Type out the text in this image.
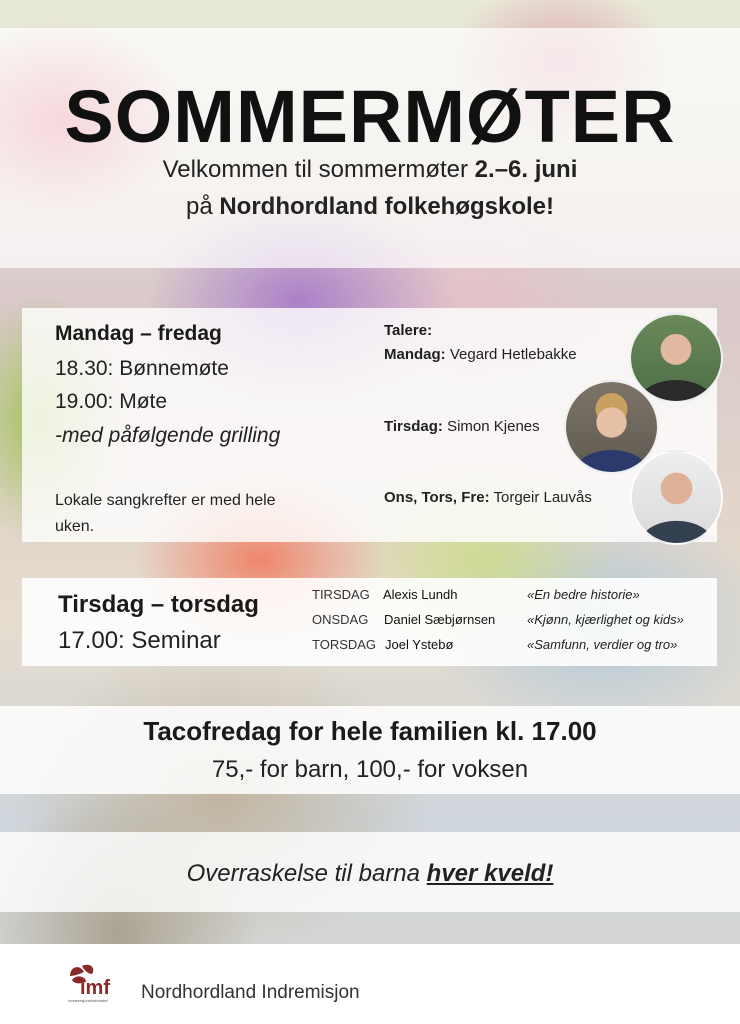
SOMMERMØTER
Velkommen til sommermøter 2.–6. juni
på Nordhordland folkehøgskole!
Mandag – fredag
18.30: Bønnemøte
19.00: Møte
-med påfølgende grilling
Lokale sangkrefter er med hele uken.
Talere:
Mandag: Vegard Hetlebakke
Tirsdag: Simon Kjenes
Ons, Tors, Fre: Torgeir Lauvås
Tirsdag – torsdag
17.00: Seminar
TIRSDAG Alexis Lundh	«En bedre historie»
ONSDAG Daniel Sæbjørnsen «Kjønn, kjærlighet og kids»
TORSDAG Joel Ystebø	«Samfunn, verdier og tro»
Tacofredag for hele familien kl. 17.00
75,- for barn, 100,- for voksen
Overraskelse til barna hver kveld!
imf
Indremisjonsforbundet Nordhordland Indremisjon
